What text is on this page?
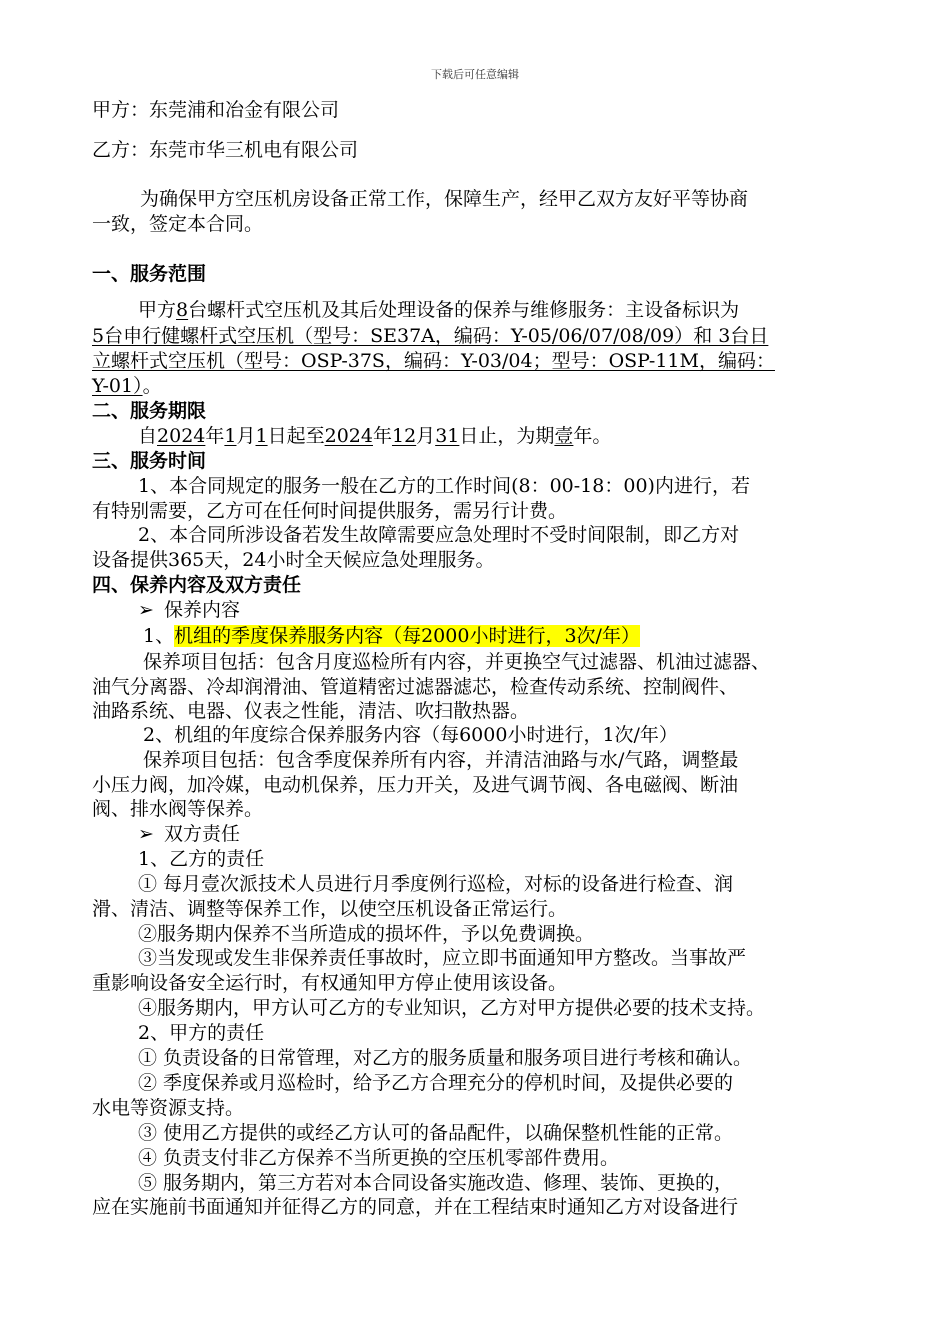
下载后可任意编辑
甲方：东莞浦和冶金有限公司
乙方：东莞市华三机电有限公司
为确保甲方空压机房设备正常工作，保障生产，经甲乙双方友好平等协商
一致，签定本合同。
一、服务范围
甲方8台螺杆式空压机及其后处理设备的保养与维修服务：主设备标识为
5台申行健螺杆式空压机（型号：SE37A，编码：Y-05/06/07/08/09）和 3台日
立螺杆式空压机（型号：OSP-37S，编码：Y-03/04；型号：OSP-11M，编码：
Y-01）。
二、服务期限
自2024年1月1日起至2024年12月31日止，为期壹年。
三、服务时间
1、本合同规定的服务一般在乙方的工作时间(8：00-18：00)内进行，若
有特别需要，乙方可在任何时间提供服务，需另行计费。
2、本合同所涉设备若发生故障需要应急处理时不受时间限制，即乙方对
设备提供365天，24小时全天候应急处理服务。
四、保养内容及双方责任
➢ 保养内容
1、机组的季度保养服务内容（每2000小时进行，3次/年）
保养项目包括：包含月度巡检所有内容，并更换空气过滤器、机油过滤器、
油气分离器、冷却润滑油、管道精密过滤器滤芯，检查传动系统、控制阀件、
油路系统、电器、仪表之性能，清洁、吹扫散热器。
2、机组的年度综合保养服务内容（每6000小时进行，1次/年）
保养项目包括：包含季度保养所有内容，并清洁油路与水/气路，调整最
小压力阀，加冷媒，电动机保养，压力开关，及进气调节阀、各电磁阀、断油
阀、排水阀等保养。
➢ 双方责任
1、乙方的责任
① 每月壹次派技术人员进行月季度例行巡检，对标的设备进行检查、润
滑、清洁、调整等保养工作，以使空压机设备正常运行。
②服务期内保养不当所造成的损坏件，予以免费调换。
③当发现或发生非保养责任事故时，应立即书面通知甲方整改。当事故严
重影响设备安全运行时，有权通知甲方停止使用该设备。
④服务期内，甲方认可乙方的专业知识，乙方对甲方提供必要的技术支持。
2、甲方的责任
① 负责设备的日常管理，对乙方的服务质量和服务项目进行考核和确认。
② 季度保养或月巡检时，给予乙方合理充分的停机时间，及提供必要的
水电等资源支持。
③ 使用乙方提供的或经乙方认可的备品配件，以确保整机性能的正常。
④ 负责支付非乙方保养不当所更换的空压机零部件费用。
⑤ 服务期内，第三方若对本合同设备实施改造、修理、装饰、更换的，
应在实施前书面通知并征得乙方的同意，并在工程结束时通知乙方对设备进行
